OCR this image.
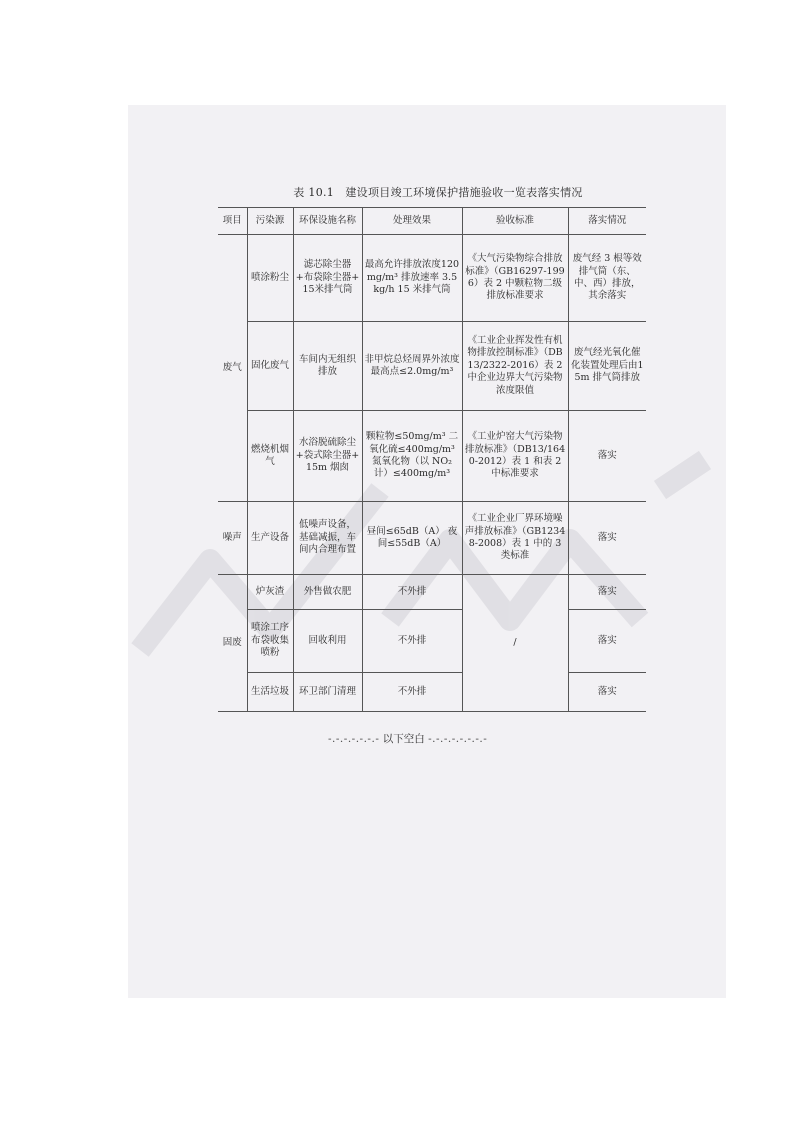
表 10.1　建设项目竣工环境保护措施验收一览表落实情况
项目	污染源	环保设施名称	处理效果	验收标准	落实情况
废气	喷涂粉尘	滤芯除尘器+布袋除尘器+15米排气筒	最高允许排放浓度120mg/m³ 排放速率 3.5kg/h 15 米排气筒	《大气污染物综合排放标准》（GB16297-1996）表 2 中颗粒物二级排放标准要求	废气经 3 根等效排气筒（东、中、西）排放，其余落实
	固化废气	车间内无组织排放	非甲烷总烃周界外浓度最高点≤2.0mg/m³	《工业企业挥发性有机物排放控制标准》（DB13/2322-2016）表 2 中企业边界大气污染物浓度限值	废气经光氧化催化装置处理后由15m 排气筒排放
	燃烧机烟气	水浴脱硫除尘+袋式除尘器+15m 烟囱	颗粒物≤50mg/m³ 二氧化硫≤400mg/m³ 氮氧化物（以 NO₂ 计）≤400mg/m³	《工业炉窑大气污染物排放标准》（DB13/1640-2012）表 1 和表 2 中标准要求	落实
噪声	生产设备	低噪声设备，基础减振，车间内合理布置	昼间≤65dB（A） 夜间≤55dB（A）	《工业企业厂界环境噪声排放标准》（GB12348-2008）表 1 中的 3 类标准	落实
固废	炉灰渣	外售做农肥	不外排	/	落实
	喷涂工序布袋收集喷粉	回收利用	不外排		落实
	生活垃圾	环卫部门清理	不外排		落实
-.-.-.-.-.-.- 以下空白 -.-.-.-.-.-.-.-
